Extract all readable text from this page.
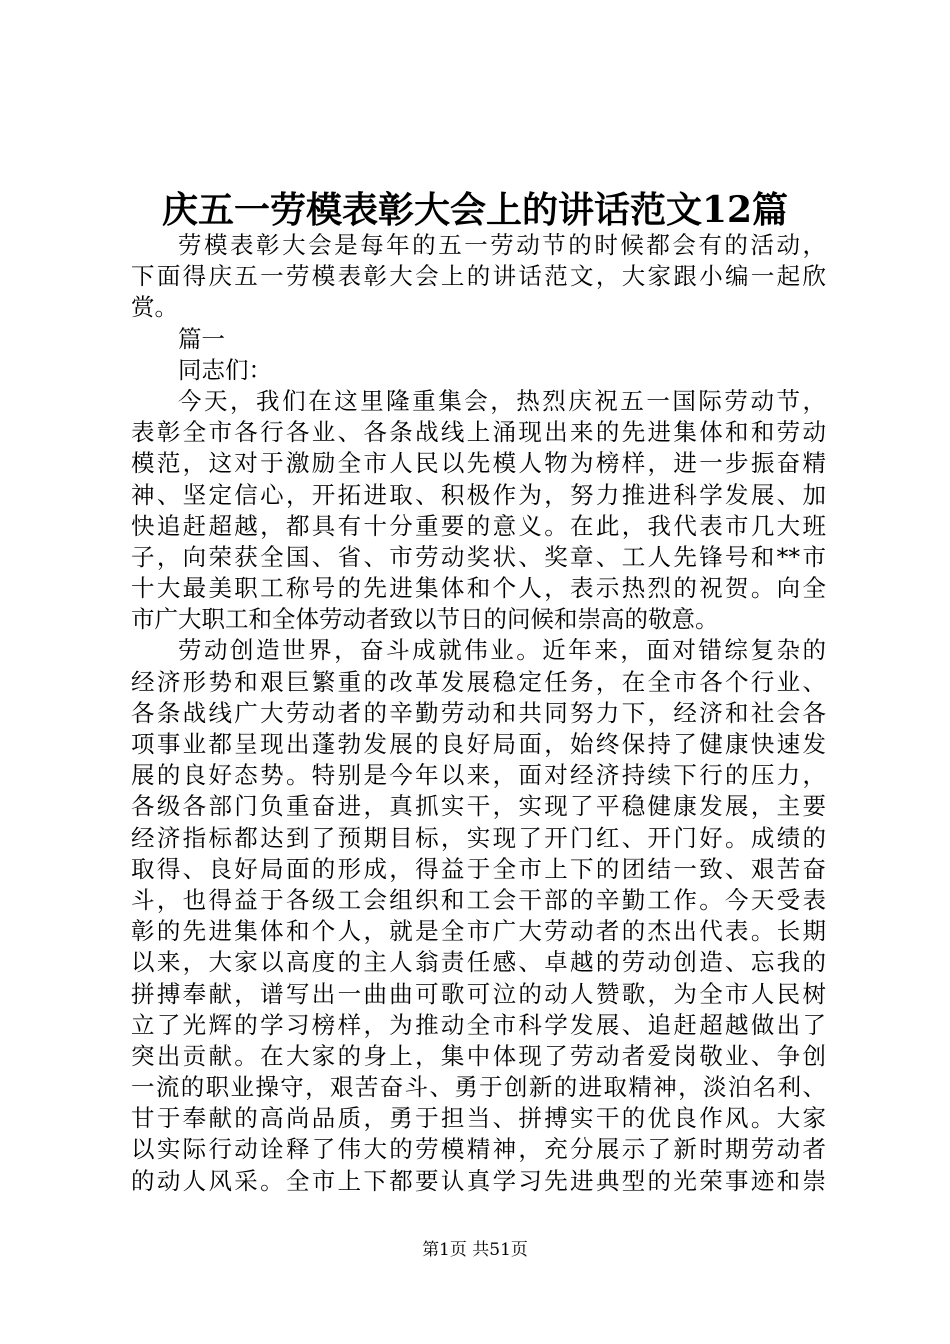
庆五一劳模表彰大会上的讲话范文12篇
劳模表彰大会是每年的五一劳动节的时候都会有的活动，
下面得庆五一劳模表彰大会上的讲话范文，大家跟小编一起欣
赏。
篇一
同志们：
今天，我们在这里隆重集会，热烈庆祝五一国际劳动节，
表彰全市各行各业、各条战线上涌现出来的先进集体和和劳动
模范，这对于激励全市人民以先模人物为榜样，进一步振奋精
神、坚定信心，开拓进取、积极作为，努力推进科学发展、加
快追赶超越，都具有十分重要的意义。在此，我代表市几大班
子，向荣获全国、省、市劳动奖状、奖章、工人先锋号和**市
十大最美职工称号的先进集体和个人，表示热烈的祝贺。向全
市广大职工和全体劳动者致以节日的问候和崇高的敬意。
劳动创造世界，奋斗成就伟业。近年来，面对错综复杂的
经济形势和艰巨繁重的改革发展稳定任务，在全市各个行业、
各条战线广大劳动者的辛勤劳动和共同努力下，经济和社会各
项事业都呈现出蓬勃发展的良好局面，始终保持了健康快速发
展的良好态势。特别是今年以来，面对经济持续下行的压力，
各级各部门负重奋进，真抓实干，实现了平稳健康发展，主要
经济指标都达到了预期目标，实现了开门红、开门好。成绩的
取得、良好局面的形成，得益于全市上下的团结一致、艰苦奋
斗，也得益于各级工会组织和工会干部的辛勤工作。今天受表
彰的先进集体和个人，就是全市广大劳动者的杰出代表。长期
以来，大家以高度的主人翁责任感、卓越的劳动创造、忘我的
拼搏奉献，谱写出一曲曲可歌可泣的动人赞歌，为全市人民树
立了光辉的学习榜样，为推动全市科学发展、追赶超越做出了
突出贡献。在大家的身上，集中体现了劳动者爱岗敬业、争创
一流的职业操守，艰苦奋斗、勇于创新的进取精神，淡泊名利、
甘于奉献的高尚品质，勇于担当、拼搏实干的优良作风。大家
以实际行动诠释了伟大的劳模精神，充分展示了新时期劳动者
的动人风采。全市上下都要认真学习先进典型的光荣事迹和崇
第1页 共51页
